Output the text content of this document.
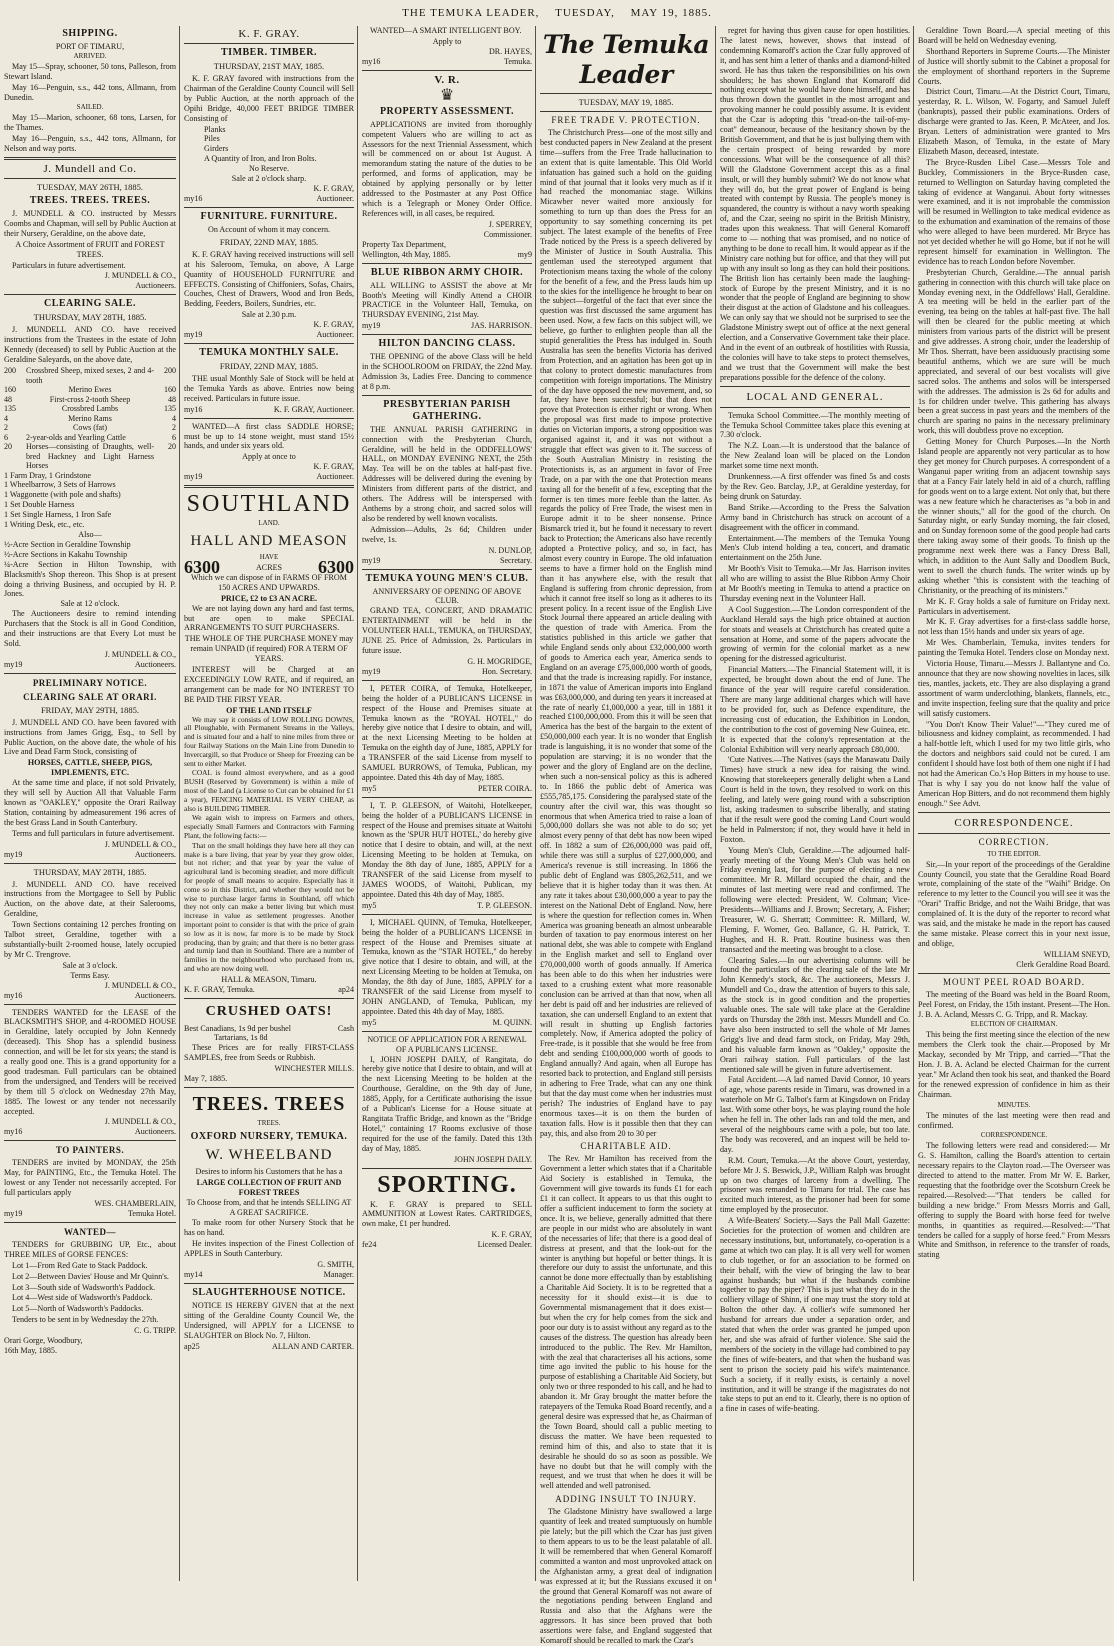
THE TEMUKA LEADER, TUESDAY, MAY 19, 1885.
SHIPPING.
PORT OF TIMARU,
ARRIVED.

May 15—Spray, schooner, 50 tons, Palleson, from Stewart Island.

May 16—Penguin, s.s., 442 tons, Allmann, from Dunedin.

SAILED.

May 15—Marion, schooner, 68 tons, Larsen, for the Thames.

May 16—Penguin, s.s., 442 tons, Allmann, for Nelson and way ports.

J. Mundell and Co.
TUESDAY, MAY 26TH, 1885.
TREES. TREES. TREES.

J. MUNDELL & CO. instructed by Messrs Coombs and Chapman, will sell by Public Auction at their Nursery, Geraldine, on the above date,

A Choice Assortment of FRUIT and FOREST TREES.

Particulars in future advertisement.

J. MUNDELL & CO.,
Auctioneers.
CLEARING SALE.
THURSDAY, MAY 28TH, 1885.

J. MUNDELL AND CO. have received instructions from the Trustees in the estate of John Kennedy (deceased) to sell by Public Auction at the Geraldine Saleyards, on the above date,

200	Crossbred Sheep, mixed sexes, 2 and 4-tooth	200
160	Merino Ewes	160
48	First-cross 2-tooth Sheep	48
135	Crossbred Lambs	135
4	Merino Rams	4
2	Cows (fat)	2
6	2-year-olds and Yearling Cattle	6
20	Horses—consisting of Draughts, well-bred Hackney and Light Harness Horses	20
1 Farm Dray, 1 Grindstone
1 Wheelbarrow, 3 Sets of Harrows
1 Waggonette (with pole and shafts)
1 Set Double Harness
1 Set Single Harness, 1 Iron Safe
1 Writing Desk, etc., etc.
Also—
½-Acre Section in Geraldine Township
½-Acre Sections in Kakahu Township
¼-Acre Section in Hilton Township, with Blacksmith's Shop thereon. This Shop is at present doing a thriving Business, and occupied by H. P. Jones.
Sale at 12 o'clock.

The Auctioneers desire to remind intending Purchasers that the Stock is all in Good Condition, and their instructions are that Every Lot must be Sold.

J. MUNDELL & CO.,
my19	Auctioneers.
PRELIMINARY NOTICE.
CLEARING SALE AT ORARI.
FRIDAY, MAY 29TH, 1885.

J. MUNDELL AND CO. have been favored with instructions from James Grigg, Esq., to Sell by Public Auction, on the above date, the whole of his Live and Dead Farm Stock, consisting of

HORSES, CATTLE, SHEEP, PIGS, IMPLEMENTS, ETC.

At the same time and place, if not sold Privately, they will sell by Auction All that Valuable Farm known as "OAKLEY," opposite the Orari Railway Station, containing by admeasurement 196 acres of the best Grass Land in South Canterbury.

Terms and full particulars in future advertisement.

J. MUNDELL & CO.,
my19	Auctioneers.
THURSDAY, MAY 28TH, 1885.

J. MUNDELL AND CO. have received instructions from the Mortgagee to Sell by Public Auction, on the above date, at their Salerooms, Geraldine,

Town Sections containing 12 perches fronting on Talbot street, Geraldine, together with a substantially-built 2-roomed house, lately occupied by Mr C. Trengrove.

Sale at 3 o'clock.
Terms Easy.
J. MUNDELL & CO.,
my16	Auctioneers.

TENDERS WANTED for the LEASE of the BLACKSMITH'S SHOP, and 4-ROOMED HOUSE in Geraldine, lately occupied by John Kennedy (deceased). This Shop has a splendid business connection, and will be let for six years; the stand is a really good one. This is a grand opportunity for a good tradesman. Full particulars can be obtained from the undersigned, and Tenders will be received by them till 5 o'clock on Wednesday 27th May, 1885. The lowest or any tender not necessarily accepted.

J. MUNDELL & CO.,
my16	Auctioneers.
TO PAINTERS.

TENDERS are invited by MONDAY, the 25th May, for PAINTING, Etc., the Temuka Hotel. The lowest or any Tender not necessarily accepted. For full particulars apply

WES. CHAMBERLAIN,
my19	Temuka Hotel.
WANTED—

TENDERS for GRUBBING UP, Etc., about THREE MILES of GORSE FENCES:

Lot 1—From Red Gate to Stack Paddock.

Lot 2—Between Davies' House and Mr Quinn's.

Lot 3—South side of Wadsworth's Paddock.

Lot 4—West side of Wadsworth's Paddock.

Lot 5—North of Wadsworth's Paddocks.

Tenders to be sent in by Wednesday the 27th.

C. G. TRIPP.
Orari Gorge, Woodbury,
16th May, 1885.
K. F. GRAY.
TIMBER. TIMBER.
THURSDAY, 21ST MAY, 1885.

K. F. GRAY favored with instructions from the Chairman of the Geraldine County Council will Sell by Public Auction, at the north approach of the Opihi Bridge, 40,000 FEET BRIDGE TIMBER Consisting of

Planks
Piles
Girders
A Quantity of Iron, and Iron Bolts.
No Reserve.
Sale at 2 o'clock sharp.
K. F. GRAY,
my16	Auctioneer.
FURNITURE. FURNITURE.
On Account of whom it may concern.
FRIDAY, 22ND MAY, 1885.

K. F. GRAY having received instructions will sell at his Saleroom, Temuka, on above, A Large Quantity of HOUSEHOLD FURNITURE and EFFECTS. Consisting of Chiffoniers, Sofas, Chairs, Couches, Chest of Drawers, Wood and Iron Beds, Bedding, Feeders, Boilers, Sundries, etc.

Sale at 2.30 p.m.
K. F. GRAY,
my19	Auctioneer.
TEMUKA MONTHLY SALE.
FRIDAY, 22ND MAY, 1885.

THE usual Monthly Sale of Stock will be held at the Temuka Yards as above. Entries now being received. Particulars in future issue.

my16	K. F. GRAY, Auctioneer.

WANTED—A first class SADDLE HORSE; must be up to 14 stone weight, must stand 15½ hands, and under six years old.

Apply at once to
K. F. GRAY,
my19	Auctioneer.
SOUTHLAND
LAND.
HALL AND MEASON
HAVE
6300	ACRES 6300

Which we can dispose of in FARMS OF FROM 150 ACRES AND UPWARDS.

PRICE, £2 to £3 AN ACRE.

We are not laying down any hard and fast terms, but are open to make SPECIAL ARRANGEMENTS TO SUIT PURCHASERS.

THE WHOLE OF THE PURCHASE MONEY may remain UNPAID (if required) FOR A TERM OF YEARS.

INTEREST will be Charged at an EXCEEDINGLY LOW RATE, and if required, an arrangement can be made for NO INTEREST TO BE PAID THE FIRST YEAR.

OF THE LAND ITSELF

We may say it consists of LOW ROLLING DOWNS, all Ploughable, with Permanent Streams in the Valleys, and is situated four and a half to nine miles from three or four Railway Stations on the Main Line from Dunedin to Invercargill, so that Produce or Sheep for Freezing can be sent to either Market.

COAL is found almost everywhere, and as a good BUSH (Reserved by Government) is within a mile of most of the Land (a License to Cut can be obtained for £1 a year), FENCING MATERIAL IS VERY CHEAP, as also is BUILDING TIMBER.

We again wish to impress on Farmers and others, especially Small Farmers and Contractors with Farming Plant, the following facts:—

That on the small holdings they have here all they can make is a bare living, that year by year they grow older, but not richer; and that year by year the value of agricultural land is becoming steadier, and more difficult for people of small means to acquire. Especially has it come so in this District, and whether they would not be wise to purchase larger farms in Southland, off which they not only can make a better living but which must increase in value as settlement progresses. Another important point to consider is that with the price of grain so low as it is now, far more is to be made by Stock producing, than by grain; and that there is no better grass and turnip land than in Southland. There are a number of families in the neighbourhood who purchased from us, and who are now doing well.

HALL & MEASON, Timaru.
K. F. GRAY, Temuka.	ap24
CRUSHED OATS!
Best Canadians, 1s 9d per bushel	Cash
Tartarians, 1s 8d

These Prices are for really FIRST-CLASS SAMPLES, free from Seeds or Rubbish.

WINCHESTER MILLS.
May 7, 1885.
TREES. TREES
TREES.
OXFORD NURSERY, TEMUKA.
W. WHEELBAND

Desires to inform his Customers that he has a

LARGE COLLECTION OF FRUIT AND FOREST TREES

To Choose from, and that he intends SELLING AT A GREAT SACRIFICE.

To make room for other Nursery Stock that he has on hand.

He invites inspection of the Finest Collection of APPLES in South Canterbury.

G. SMITH,
my14	Manager.
SLAUGHTERHOUSE NOTICE.

NOTICE IS HEREBY GIVEN that at the next sitting of the Geraldine County Council We, the Undersigned, will APPLY for a LICENSE to SLAUGHTER on Block No. 7, Hilton.

ap25	ALLAN AND CARTER.

WANTED—A SMART INTELLIGENT BOY.

Apply to
DR. HAYES,
my16	Temuka.
V. R.
♛
PROPERTY ASSESSMENT.

APPLICATIONS are invited from thoroughly competent Valuers who are willing to act as Assessors for the next Triennial Assessment, which will be commenced on or about 1st August. A memorandum stating the nature of the duties to be performed, and forms of application, may be obtained by applying personally or by letter addressed to the Postmaster at any Post Office which is a Telegraph or Money Order Office. References will, in all cases, be required.

J. SPERREY,
Commissioner.
Property Tax Department,
Wellington, 4th May, 1885.	my9
BLUE RIBBON ARMY CHOIR.

ALL WILLING to ASSIST the above at Mr Booth's Meeting will Kindly Attend a CHOIR PRACTICE in the Volunteer Hall, Temuka, on THURSDAY EVENING, 21st May.

my19	JAS. HARRISON.
HILTON DANCING CLASS.

THE OPENING of the above Class will be held in the SCHOOLROOM on FRIDAY, the 22nd May. Admission 3s, Ladies Free. Dancing to commence at 8 p.m.

PRESBYTERIAN PARISH GATHERING.

THE ANNUAL PARISH GATHERING in connection with the Presbyterian Church, Geraldine, will be held in the ODDFELLOWS' HALL, on MONDAY EVENING NEXT, the 25th May. Tea will be on the tables at half-past five. Addresses will be delivered during the evening by Ministers from different parts of the district, and others. The Address will be interspersed with Anthems by a strong choir, and sacred solos will also be rendered by well known vocalists.

Admission—Adults, 2s 6d; Children under twelve, 1s.

N. DUNLOP,
my19	Secretary.
TEMUKA YOUNG MEN'S CLUB.
ANNIVERSARY OF OPENING OF ABOVE CLUB.

GRAND TEA, CONCERT, AND DRAMATIC ENTERTAINMENT will be held in the VOLUNTEER HALL, TEMUKA, on THURSDAY, JUNE 25. Price of Admission, 2s. Particulars in future issue.

G. H. MOGRIDGE,
my19	Hon. Secretary.

I, PETER COIRA, of Temuka, Hotelkeeper, being the holder of a PUBLICAN'S LICENSE in respect of the House and Premises situate at Temuka known as the "ROYAL HOTEL," do hereby give notice that I desire to obtain, and will, at the next Licensing Meeting to be holden at Temuka on the eighth day of June, 1885, APPLY for a TRANSFER of the said License from myself to SAMUEL BURROWS, of Temuka, Publican, my appointee. Dated this 4th day of May, 1885.

my5	PETER COIRA.

I, T. P. GLEESON, of Waitohi, Hotelkeeper, being the holder of a PUBLICAN'S LICENSE in respect of the House and premises situate at Waitohi known as the 'SPUR HUT HOTEL,' do hereby give notice that I desire to obtain, and will, at the next Licensing Meeting to be holden at Temuka, on Monday the 8th day of June, 1885, APPLY for a TRANSFER of the said License from myself to JAMES WOODS, of Waitohi, Publican, my appointee. Dated this 4th day of May, 1885.

my5	T. P. GLEESON.

I, MICHAEL QUINN, of Temuka, Hotelkeeper, being the holder of a PUBLICAN'S LICENSE in respect of the House and Premises situate at Temuka, known as the "STAR HOTEL," do hereby give notice that I desire to obtain, and will, at the next Licensing Meeting to be holden at Temuka, on Monday, the 8th day of June, 1885, APPLY for a TRANSFER of the said License from myself to JOHN ANGLAND, of Temuka, Publican, my appointee. Dated this 4th day of May, 1885.

my5	M. QUINN.
NOTICE OF APPLICATION FOR A RENEWAL OF A PUBLICAN'S LICENSE.

I, JOHN JOSEPH DAILY, of Rangitata, do hereby give notice that I desire to obtain, and will at the next Licensing Meeting to be holden at the Courthouse, Geraldine, on the 9th day of June, 1885, Apply, for a Certificate authorising the issue of a Publican's License for a House situate at Rangitata Traffic Bridge, and known as the "Bridge Hotel," containing 17 Rooms exclusive of those required for the use of the family. Dated this 13th day of May, 1885.

JOHN JOSEPH DAILY.
SPORTING.

K. F. GRAY is prepared to SELL AMMUNITION at Lowest Rates. CARTRIDGES, own make, £1 per hundred.

K. F. GRAY,
fe24	Licensed Dealer.
The Temuka Leader
TUESDAY, MAY 19, 1885.
FREE TRADE V. PROTECTION.

The Christchurch Press—one of the most silly and best conducted papers in New Zealand at the present time—suffers from the Free Trade hallucination to an extent that is quite lamentable. This Old World infatuation has gained such a hold on the guiding mind of that journal that it looks very much as if it had reached the monomaniac stage. Wilkins Micawber never waited more anxiously for something to turn up than does the Press for an opportunity to say something concerning its pet subject. The latest example of the benefits of Free Trade noticed by the Press is a speech delivered by the Minister of Justice in South Australia. This gentleman used the stereotyped argument that Protectionism means taxing the whole of the colony for the benefit of a few, and the Press lauds him up to the skies for the intelligence he brought to bear on the subject—forgetful of the fact that ever since the question was first discussed the same argument has been used. Now, a few facts on this subject will, we believe, go further to enlighten people than all the stupid generalities the Press has indulged in. South Australia has seen the benefits Victoria has derived from Protection, and an agitation has been got up in that colony to protect domestic manufactures from competition with foreign importations. The Ministry of the day have opposed the new movement, and, so far, they have been successful; but that does not prove that Protection is either right or wrong. When the proposal was first made to impose protective duties on Victorian imports, a strong opposition was organised against it, and it was not without a struggle that effect was given to it. The success of the South Australian Ministry in resisting the Protectionists is, as an argument in favor of Free Trade, on a par with the one that Protection means taxing all for the benefit of a few, excepting that the former is ten times more feeble than the latter. As regards the policy of Free Trade, the wisest men in Europe admit it to be sheer nonsense. Prince Bismarck tried it, but he found it necessary to revert back to Protection; the Americans also have recently adopted a Protective policy, and so, in fact, has almost every country in Europe. The old infatuation seems to have a firmer hold on the English mind than it has anywhere else, with the result that England is suffering from chronic depression, from which it cannot free itself so long as it adheres to its present policy. In a recent issue of the English Live Stock Journal there appeared an article dealing with the question of trade with America. From the statistics published in this article we gather that while England sends only about £32,000,000 worth of goods to America each year, America sends to England on an average £75,000,000 worth of goods, and that the trade is increasing rapidly. For instance, in 1871 the value of American imports into England was £63,000,000, and during ten years it increased at the rate of nearly £1,000,000 a year, till in 1881 it reached £100,000,000. From this it will be seen that America has the best of the bargain to the extent of £50,000,000 each year. It is no wonder that English trade is languishing, it is no wonder that some of the population are starving; it is no wonder that the power and the glory of England are on the decline, when such a non-sensical policy as this is adhered to. In 1866 the public debt of America was £555,785,175. Considering the paralysed state of the country after the civil war, this was thought so enormous that when America tried to raise a loan of 5,000,000 dollars she was not able to do so; yet almost every penny of that debt has now been wiped off. In 1882 a sum of £26,000,000 was paid off, while there was still a surplus of £27,000,000, and America's revenue is still increasing. In 1866 the public debt of England was £805,262,511, and we believe that it is higher today than it was then. At any rate it takes about £30,000,000 a year to pay the interest on the National Debt of England. Now, here is where the question for reflection comes in. When America was groaning beneath an almost unbearable burden of taxation to pay enormous interest on her national debt, she was able to compete with England in the English market and sell to England over £70,000,000 worth of goods annually. If America has been able to do this when her industries were taxed to a crushing extent what more reasonable conclusion can be arrived at than that now, when all her debt is paid off and her industries are relieved of taxation, she can undersell England to an extent that will result in shutting up English factories completely. Now, if America adopted the policy of Free-trade, is it possible that she would be free from debt and sending £100,000,000 worth of goods to England annually? And again, when all Europe has resorted back to protection, and England still persists in adhering to Free Trade, what can any one think but that the day must come when her industries must perish? The industries of England have to pay enormous taxes—it is on them the burden of taxation falls. How is it possible then that they can pay, this, and also from 20 to 30 per

CHARITABLE AID.

The Rev. Mr Hamilton has received from the Government a letter which states that if a Charitable Aid Society is established in Temuka, the Government will give towards its funds £1 for each £1 it can collect. It appears to us that this ought to offer a sufficient inducement to form the society at once. It is, we believe, generally admitted that there are people in our midst who are absolutely in want of the necessaries of life; that there is a good deal of distress at present, and that the look-out for the winter is anything but hopeful or better things. It is therefore our duty to assist the unfortunate, and this cannot be done more effectually than by establishing a Charitable Aid Society. It is to be regretted that a necessity for it should exist—it is due to Governmental mismanagement that it does exist—but when the cry for help comes from the sick and poor our duty is to assist without any regard as to the causes of the distress. The question has already been introduced to the public. The Rev. Mr Hamilton, with the zeal that characterises all his actions, some time ago invited the public to his house for the purpose of establishing a Charitable Aid Society, but only two or three responded to his call, and he had to abandon it. Mr Gray brought the matter before the ratepayers of the Temuka Road Board recently, and a general desire was expressed that he, as Chairman of the Town Board, should call a public meeting to discuss the matter. We have been requested to remind him of this, and also to state that it is desirable he should do so as soon as possible. We have no doubt but that he will comply with the request, and we trust that when he does it will be well attended and well patronised.

ADDING INSULT TO INJURY.

The Gladstone Ministry have swallowed a large quantity of leek and treated sumptuously on humble pie lately; but the pill which the Czar has just given to them appears to us to be the least palatable of all. It will be remembered that when General Komaroff committed a wanton and most unprovoked attack on the Afghanistan army, a great deal of indignation was expressed at it; but the Russians excused it on the ground that General Komaroff was not aware of the negotiations pending between England and Russia and also that the Afghans were the aggressors. It has since been proved that both assertions were false, and England suggested that Komaroff should be recalled to mark the Czar's

regret for having thus given cause for open hostilities. The latest news, however, shows that instead of condemning Komaroff's action the Czar fully approved of it, and has sent him a letter of thanks and a diamond-hilted sword. He has thus taken the responsibilities on his own shoulders; he has shown England that Komaroff did nothing except what he would have done himself, and has thus thrown down the gauntlet in the most arrogant and provoking manner he could possibly assume. It is evident that the Czar is adopting this "tread-on-the tail-of-my-coat" demeanour, because of the hesitancy shown by the British Government, and that he is just bullying them with the certain prospect of being rewarded by more concessions. What will be the consequence of all this? Will the Gladstone Government accept this as a final insult, or will they humbly submit? We do not know what they will do, but the great power of England is being treated with contempt by Russia. The people's money is squandered, the country is without a navy worth speaking of, and the Czar, seeing no spirit in the British Ministry, trades upon this weakness. That will General Komaroff come to — nothing that was promised, and no notice of anything to be done to recall him. It would appear as if the Ministry care nothing but for office, and that they will put up with any insult so long as they can hold their positions. The British lion has certainly been made the laughing-stock of Europe by the present Ministry, and it is no wonder that the people of England are beginning to show their disgust at the action of Gladstone and his colleagues. We can only say that we should not be surprised to see the Gladstone Ministry swept out of office at the next general election, and a Conservative Government take their place. And in the event of an outbreak of hostilities with Russia, the colonies will have to take steps to protect themselves, and we trust that the Government will make the best preparations possible for the defence of the colony.

LOCAL AND GENERAL.

Temuka School Committee.—The monthly meeting of the Temuka School Committee takes place this evening at 7.30 o'clock.

The N.Z. Loan.—It is understood that the balance of the New Zealand loan will be placed on the London market some time next month.

Drunkenness.—A first offender was fined 5s and costs by the Rev. Geo. Barclay, J.P., at Geraldine yesterday, for being drunk on Saturday.

Band Strike.—According to the Press the Salvation Army band in Christchurch has struck on account of a disagreement with the officer in command.

Entertainment.—The members of the Temuka Young Men's Club intend holding a tea, concert, and dramatic entertainment on the 25th June.

Mr Booth's Visit to Temuka.—Mr Jas. Harrison invites all who are willing to assist the Blue Ribbon Army Choir at Mr Booth's meeting in Temuka to attend a practice on Thursday evening next in the Volunteer Hall.

A Cool Suggestion.—The London correspondent of the Auckland Herald says the high price obtained at auction for stoats and weasels at Christchurch has created quite a sensation at Home, and some of the papers advocate the growing of vermin for the colonial market as a new opening for the distressed agriculturist.

Financial Matters.—The Financial Statement will, it is expected, be brought down about the end of June. The finance of the year will require careful consideration. There are many large additional charges which will have to be provided for, such as Defence expenditure, the increasing cost of education, the Exhibition in London, the contribution to the cost of governing New Guinea, etc. It is expected that the colony's representation at the Colonial Exhibition will very nearly approach £80,000.

'Cute Natives.—The Natives (says the Manawatu Daily Times) have struck a new idea for raising the wind. Knowing that storekeepers generally delight when a Land Court is held in the town, they resolved to work on this feeling, and lately were going round with a subscription list, asking tradesmen to subscribe liberally, and stating that if the result were good the coming Land Court would be held in Palmerston; if not, they would have it held in Foxton.

Young Men's Club, Geraldine.—The adjourned half-yearly meeting of the Young Men's Club was held on Friday evening last, for the purpose of electing a new committee. Mr R. Millard occupied the chair, and the minutes of last meeting were read and confirmed. The following were elected: President, W. Coltman; Vice-Presidents—Williams and J. Brown; Secretary, A. Fisher; Treasurer, W. G. Sherratt; Committee: R. Millard, W. Fleming, F. Worner, Geo. Ballance, G. H. Patrick, T. Hughes, and H. R. Pratt. Routine business was then transacted and the meeting was brought to a close.

Clearing Sales.—In our advertising columns will be found the particulars of the clearing sale of the late Mr John Kennedy's stock, &c. The auctioneers, Messrs J. Mundell and Co., draw the attention of buyers to this sale, as the stock is in good condition and the properties valuable ones. The sale will take place at the Geraldine yards on Thursday the 28th inst. Messrs Mundell and Co. have also been instructed to sell the whole of Mr James Grigg's live and dead farm stock, on Friday, May 29th, and his valuable farm known as "Oakley," opposite the Orari railway station. Full particulars of the last mentioned sale will be given in future advertisement.

Fatal Accident.—A lad named David Connor, 10 years of age, whose parents reside in Timaru, was drowned in a waterhole on Mr G. Talbot's farm at Kingsdown on Friday last. With some other boys, he was playing round the hole when he fell in. The other lads ran and told the men, and several of the neighbours came with a pole, but too late. The body was recovered, and an inquest will be held to-day.

R.M. Court, Temuka.—At the above Court, yesterday, before Mr J. S. Beswick, J.P., William Ralph was brought up on two charges of larceny from a dwelling. The prisoner was remanded to Timaru for trial. The case has excited much interest, as the prisoner had been for some time employed by the prosecutor.

A Wife-Beaters' Society.—Says the Pall Mall Gazette: Societies for the protection of women and children are necessary institutions, but, unfortunately, co-operation is a game at which two can play. It is all very well for women to club together, or for an association to be formed on their behalf, with the view of bringing the law to bear against husbands; but what if the husbands combine together to pay the piper? This is just what they do in the colliery village of Shinn, if one may trust the story told at Bolton the other day. A collier's wife summoned her husband for arrears due under a separation order, and stated that when the order was granted he jumped upon her, and she was afraid of further violence. She said the members of the society in the village had combined to pay the fines of wife-beaters, and that when the husband was sent to prison the society paid his wife's maintenance. Such a society, if it really exists, is certainly a novel institution, and it will be strange if the magistrates do not take steps to put an end to it. Clearly, there is no option of a fine in cases of wife-beating.

Geraldine Town Board.—A special meeting of this Board will be held on Wednesday evening.

Shorthand Reporters in Supreme Courts.—The Minister of Justice will shortly submit to the Cabinet a proposal for the employment of shorthand reporters in the Supreme Courts.

District Court, Timaru.—At the District Court, Timaru, yesterday, R. L. Wilson, W. Fogarty, and Samuel Juleff (bankrupts), passed their public examinations. Orders of discharge were granted to Jas. Keen, P. McAteer, and Jos. Bryan. Letters of administration were granted to Mrs Elizabeth Mason, of Temuka, in the estate of Mary Elizabeth Mason, deceased, intestate.

The Bryce-Rusden Libel Case.—Messrs Tole and Buckley, Commissioners in the Bryce-Rusden case, returned to Wellington on Saturday having completed the taking of evidence at Wanganui. About forty witnesses were examined, and it is not improbable the commission will be resumed in Wellington to take medical evidence as to the exhumation and examination of the remains of those who were alleged to have been murdered. Mr Bryce has not yet decided whether he will go Home, but if not he will represent himself for examination in Wellington. The evidence has to reach London before November.

Presbyterian Church, Geraldine.—The annual parish gathering in connection with this church will take place on Monday evening next, in the Oddfellows' Hall, Geraldine. A tea meeting will be held in the earlier part of the evening, tea being on the tables at half-past five. The hall will then be cleared for the public meeting at which ministers from various parts of the district will be present and give addresses. A strong choir, under the leadership of Mr Thos. Sherratt, have been assiduously practising some beautiful anthems, which we are sure will be much appreciated, and several of our best vocalists will give sacred solos. The anthems and solos will be interspersed with the addresses. The admission is 2s 6d for adults and 1s for children under twelve. This gathering has always been a great success in past years and the members of the church are sparing no pains in the necessary preliminary work, this will doubtless prove no exception.

Getting Money for Church Purposes.—In the North Island people are apparently not very particular as to how they get money for Church purposes. A correspondent of a Wanganui paper writing from an adjacent township says that at a Fancy Fair lately held in aid of a church, raffling for goods went on to a large extent. Not only that, but there was a new feature which he characterises as "a bob in and the winner shouts," all for the good of the church. On Saturday night, or early Sunday morning, the fair closed, and on Sunday forenoon some of the good people had carts there taking away some of their goods. To finish up the programme next week there was a Fancy Dress Ball, which, in addition to the Aunt Sally and Doodlem Buck, went to swell the church funds. The writer winds up by asking whether "this is consistent with the teaching of Christianity, or the preaching of its ministers."

Mr K. F. Gray holds a sale of furniture on Friday next. Particulars in advertisement.

Mr K. F. Gray advertises for a first-class saddle horse, not less than 15½ hands and under six years of age.

Mr Wes. Chamberlain, Temuka, invites tenders for painting the Temuka Hotel. Tenders close on Monday next.

Victoria House, Timaru.—Messrs J. Ballantyne and Co. announce that they are now showing novelties in laces, silk ties, mantles, jackets, etc. They are also displaying a grand assortment of warm underclothing, blankets, flannels, etc., and invite inspection, feeling sure that the quality and price will satisfy customers.

"You Don't Know Their Value!"—"They cured me of biliousness and kidney complaint, as recommended. I had a half-bottle left, which I used for my two little girls, who the doctors and neighbors said could not be cured. I am confident I should have lost both of them one night if I had not had the American Co.'s Hop Bitters in my house to use. That is why I say you do not know half the value of American Hop Bitters, and do not recommend them highly enough." See Advt.

CORRESPONDENCE.
CORRECTION.
TO THE EDITOR.

Sir,—In your report of the proceedings of the Geraldine County Council, you state that the Geraldine Road Board wrote, complaining of the state of the "Waihi" Bridge. On reference to my letter to the Council you will see it was the "Orari" Traffic Bridge, and not the Waihi Bridge, that was complained of. It is the duty of the reporter to record what was said, and the mistake he made in the report has caused the same mistake. Please correct this in your next issue, and oblige,

WILLIAM SNEYD,
Clerk Geraldine Road Board.
MOUNT PEEL ROAD BOARD.

The meeting of the Board was held in the Board Room, Peel Forest, on Friday, the 15th instant. Present—The Hon. J. B. A. Acland, Messrs C. G. Tripp, and R. Mackay.

ELECTION OF CHAIRMAN.

This being the first meeting since the election of the new members the Clerk took the chair.—Proposed by Mr Mackay, seconded by Mr Tripp, and carried—"That the Hon. J. B. A. Acland be elected Chairman for the current year." Mr Acland then took his seat, and thanked the Board for the renewed expression of confidence in him as their Chairman.

MINUTES.

The minutes of the last meeting were then read and confirmed.

CORRESPONDENCE.

The following letters were read and considered:— Mr G. S. Hamilton, calling the Board's attention to certain necessary repairs to the Clayton road.—The Overseer was directed to attend to the matter. From Mr W. E. Barker, requesting that the footbridge over the Scotsburn Creek be repaired.—Resolved:—"That tenders be called for building a new bridge." From Messrs Morris and Gall, offering to supply the Board with horse feed for twelve months, in quantities as required.—Resolved:—"That tenders be called for a supply of horse feed." From Messrs White and Smithson, in reference to the transfer of roads, stating
